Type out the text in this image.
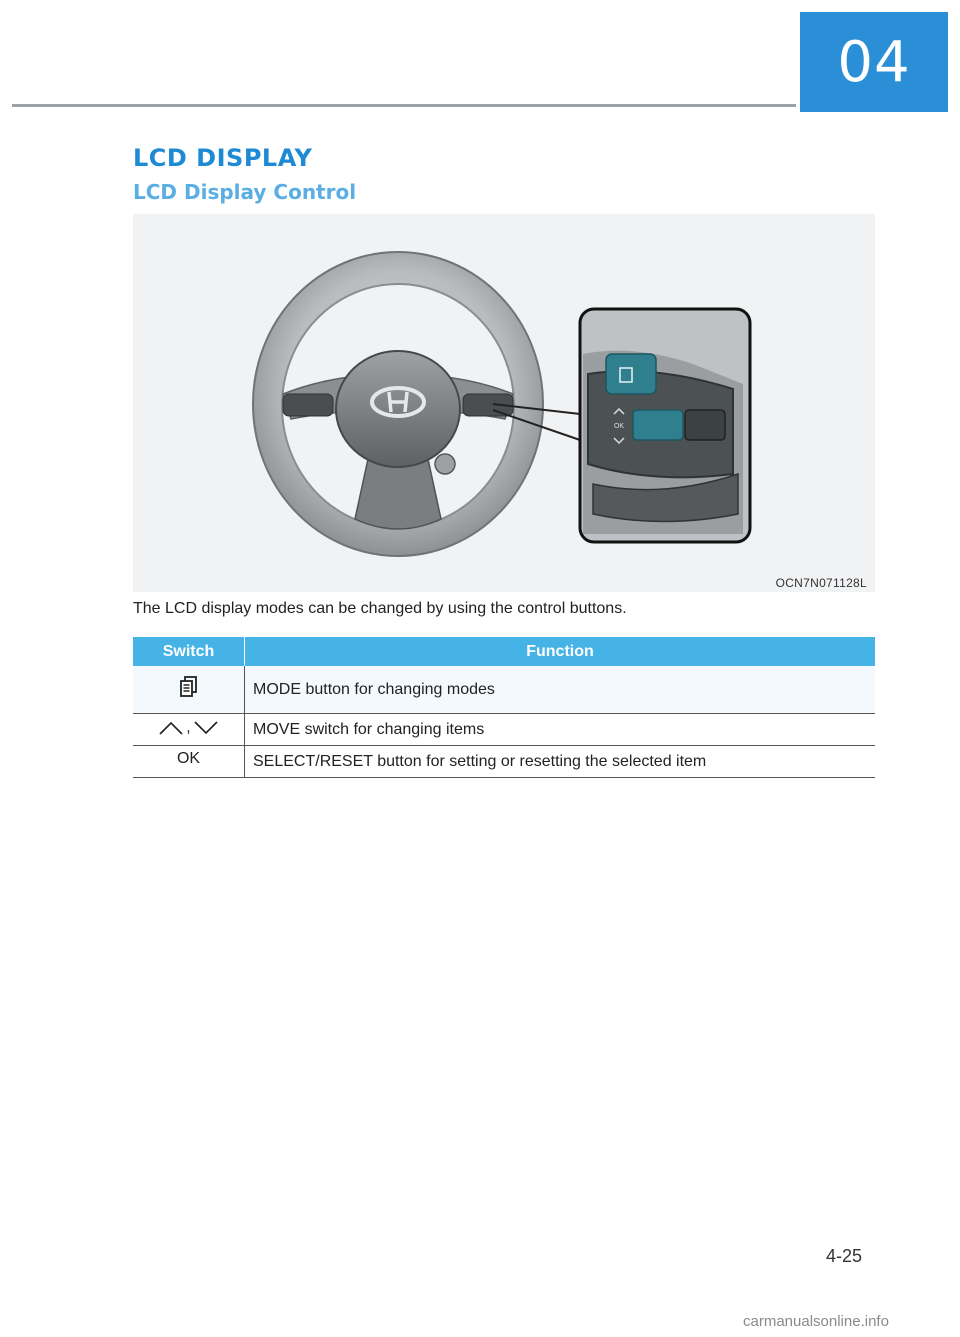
04
LCD DISPLAY
LCD Display Control
OK
OCN7N071128L

The LCD display modes can be changed by using the control buttons.

Switch	Function
	MODE button for changing modes

,	MOVE switch for changing items
OK	SELECT/RESET button for setting or resetting the selected item
4-25
carmanualsonline.info
